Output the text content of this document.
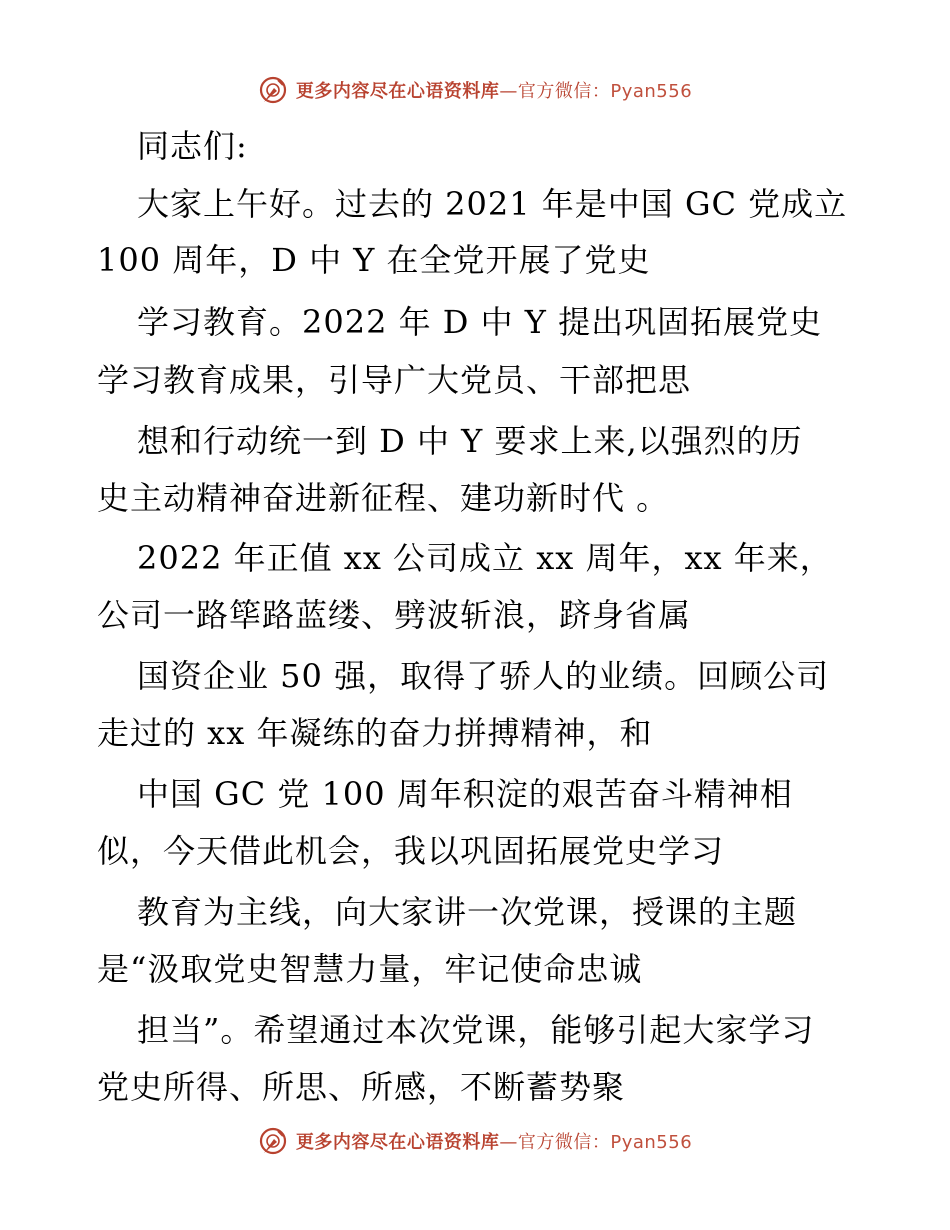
更多内容尽在心语资料库—官方微信：Pyan556
同志们:
大家上午好。过去的 2021 年是中国 GC 党成立
100 周年，D 中 Y 在全党开展了党史
学习教育。2022 年 D 中 Y 提出巩固拓展党史
学习教育成果，引导广大党员、干部把思
想和行动统一到 D 中 Y 要求上来,以强烈的历
史主动精神奋进新征程、建功新时代 。
2022 年正值 xx 公司成立 xx 周年，xx 年来，
公司一路筚路蓝缕、劈波斩浪，跻身省属
国资企业 50 强，取得了骄人的业绩。回顾公司
走过的 xx 年凝练的奋力拼搏精神，和
中国 GC 党 100 周年积淀的艰苦奋斗精神相
似，今天借此机会，我以巩固拓展党史学习
教育为主线，向大家讲一次党课，授课的主题
是“汲取党史智慧力量，牢记使命忠诚
担当”。希望通过本次党课，能够引起大家学习
党史所得、所思、所感，不断蓄势聚
更多内容尽在心语资料库—官方微信：Pyan556
